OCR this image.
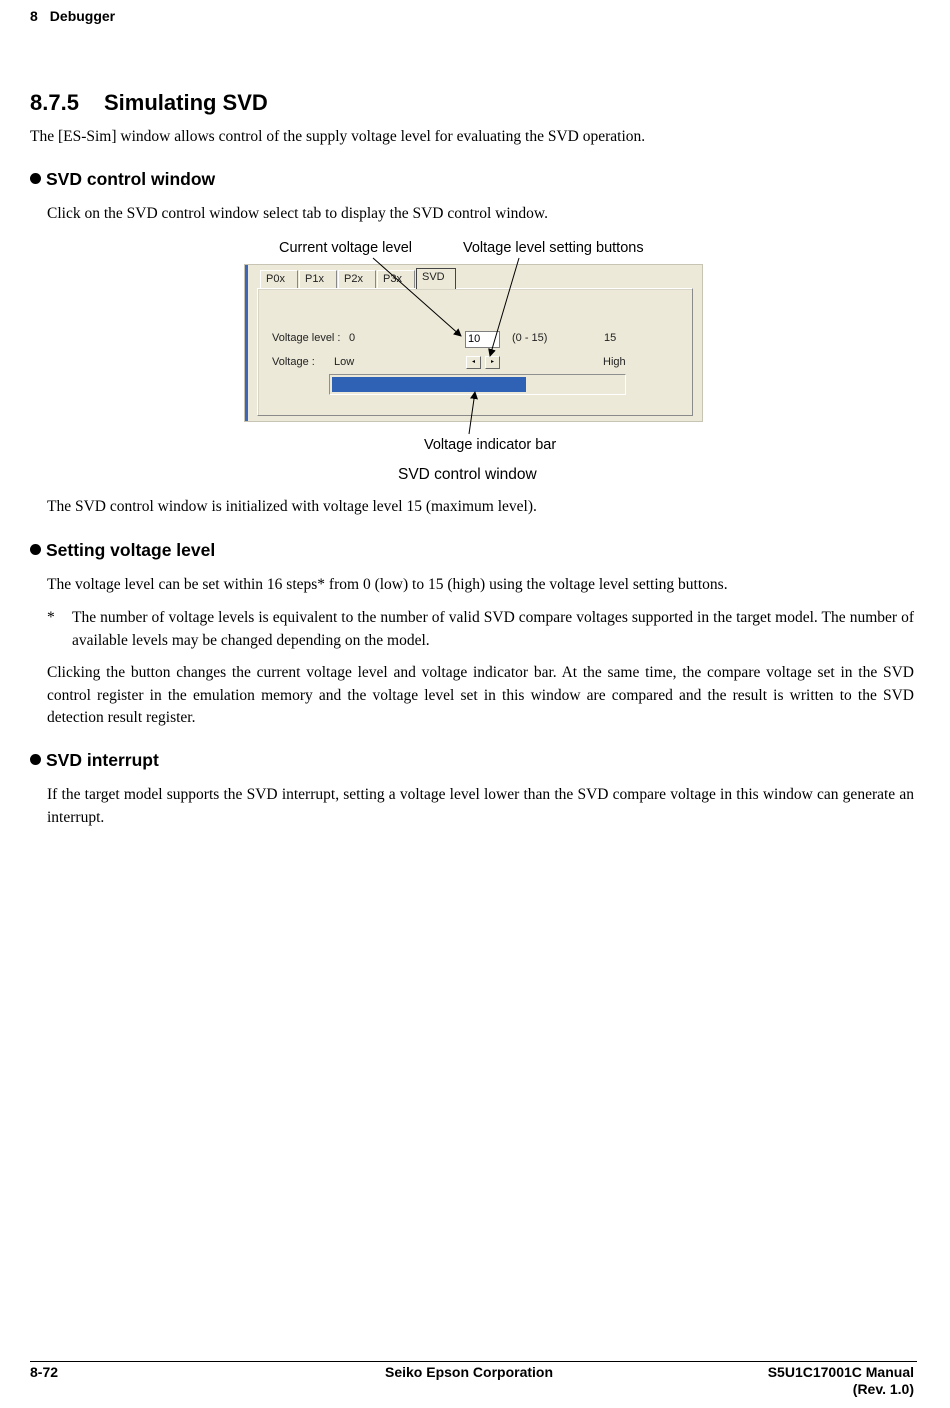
8 Debugger
8.7.5 Simulating SVD
The [ES-Sim] window allows control of the supply voltage level for evaluating the SVD operation.
SVD control window
Click on the SVD control window select tab to display the SVD control window.
Current voltage level	Voltage level setting buttons
P0x	P1x	P2x	P3x	SVD
Voltage level : 0	10	(0 - 15)	15
Voltage : Low	◂	▸	High
Voltage indicator bar
SVD control window
The SVD control window is initialized with voltage level 15 (maximum level).
Setting voltage level
The voltage level can be set within 16 steps* from 0 (low) to 15 (high) using the voltage level setting buttons.
* The number of voltage levels is equivalent to the number of valid SVD compare voltages supported in the target model. The number of available levels may be changed depending on the model.
Clicking the button changes the current voltage level and voltage indicator bar. At the same time, the compare voltage set in the SVD control register in the emulation memory and the voltage level set in this window are compared and the result is written to the SVD detection result register.
SVD interrupt
If the target model supports the SVD interrupt, setting a voltage level lower than the SVD compare voltage in this window can generate an interrupt.
8-72	Seiko Epson Corporation	S5U1C17001C Manual
(Rev. 1.0)
